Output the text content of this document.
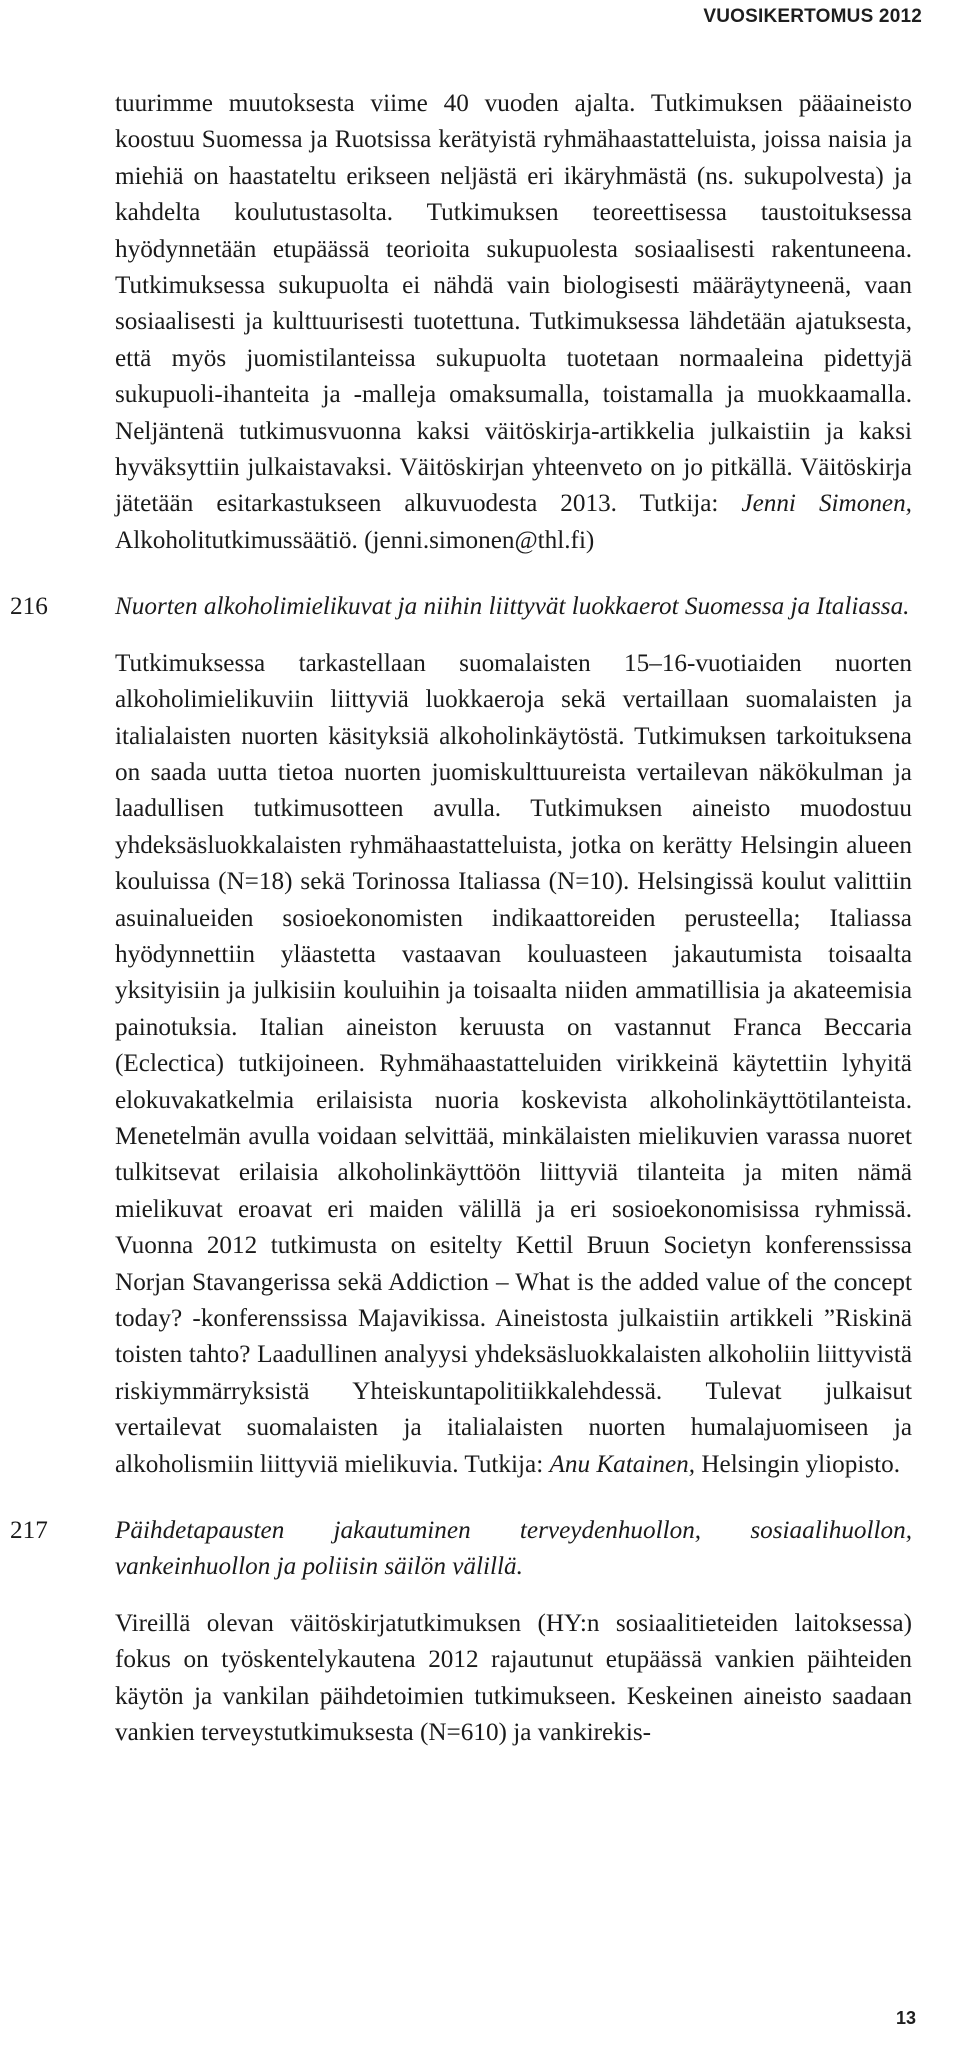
VUOSIKERTOMUS 2012

tuurimme muutoksesta viime 40 vuoden ajalta. Tutkimuksen pääaineisto koostuu Suomessa ja Ruotsissa kerätyistä ryhmähaastatteluista, joissa naisia ja miehiä on haastateltu erikseen neljästä eri ikäryhmästä (ns. sukupolvesta) ja kahdelta koulutustasolta. Tutkimuksen teoreettisessa taustoituksessa hyödynnetään etupäässä teorioita sukupuolesta sosiaalisesti rakentuneena. Tutkimuksessa sukupuolta ei nähdä vain biologisesti määräytyneenä, vaan sosiaalisesti ja kulttuurisesti tuotettuna. Tutkimuksessa lähdetään ajatuksesta, että myös juomistilanteissa sukupuolta tuotetaan normaaleina pidettyjä sukupuoli-ihanteita ja -malleja omaksumalla, toistamalla ja muokkaamalla. Neljäntenä tutkimusvuonna kaksi väitöskirja-artikkelia julkaistiin ja kaksi hyväksyttiin julkaistavaksi. Väitöskirjan yhteenveto on jo pitkällä. Väitöskirja jätetään esitarkastukseen alkuvuodesta 2013. Tutkija: Jenni Simonen, Alkoholitutkimussäätiö. (jenni.simonen@thl.fi)

216	Nuorten alkoholimielikuvat ja niihin liittyvät luokkaerot Suomessa ja Italiassa.

Tutkimuksessa tarkastellaan suomalaisten 15–16-vuotiaiden nuorten alkoholimielikuviin liittyviä luokkaeroja sekä vertaillaan suomalaisten ja italialaisten nuorten käsityksiä alkoholinkäytöstä. Tutkimuksen tarkoituksena on saada uutta tietoa nuorten juomiskulttuureista vertailevan näkökulman ja laadullisen tutkimusotteen avulla. Tutkimuksen aineisto muodostuu yhdeksäsluokkalaisten ryhmähaastatteluista, jotka on kerätty Helsingin alueen kouluissa (N=18) sekä Torinossa Italiassa (N=10). Helsingissä koulut valittiin asuinalueiden sosioekonomisten indikaattoreiden perusteella; Italiassa hyödynnettiin yläastetta vastaavan kouluasteen jakautumista toisaalta yksityisiin ja julkisiin kouluihin ja toisaalta niiden ammatillisia ja akateemisia painotuksia. Italian aineiston keruusta on vastannut Franca Beccaria (Eclectica) tutkijoineen. Ryhmähaastatteluiden virikkeinä käytettiin lyhyitä elokuvakatkelmia erilaisista nuoria koskevista alkoholinkäyttötilanteista. Menetelmän avulla voidaan selvittää, minkälaisten mielikuvien varassa nuoret tulkitsevat erilaisia alkoholinkäyttöön liittyviä tilanteita ja miten nämä mielikuvat eroavat eri maiden välillä ja eri sosioekonomisissa ryhmissä. Vuonna 2012 tutkimusta on esitelty Kettil Bruun Societyn konferenssissa Norjan Stavangerissa sekä Addiction – What is the added value of the concept today? -konferenssissa Majavikissa. Aineistosta julkaistiin artikkeli ”Riskinä toisten tahto? Laadullinen analyysi yhdeksäsluokkalaisten alkoholiin liittyvistä riskiymmärryksistä Yhteiskuntapolitiikkalehdessä. Tulevat julkaisut vertailevat suomalaisten ja italialaisten nuorten humalajuomiseen ja alkoholismiin liittyviä mielikuvia. Tutkija: Anu Katainen, Helsingin yliopisto.

217	Päihdetapausten jakautuminen terveydenhuollon, sosiaalihuollon, vankeinhuollon ja poliisin säilön välillä.

Vireillä olevan väitöskirjatutkimuksen (HY:n sosiaalitieteiden laitoksessa) fokus on työskentelykautena 2012 rajautunut etupäässä vankien päihteiden käytön ja vankilan päihdetoimien tutkimukseen. Keskeinen aineisto saadaan vankien terveystutkimuksesta (N=610) ja vankirekis-

13
